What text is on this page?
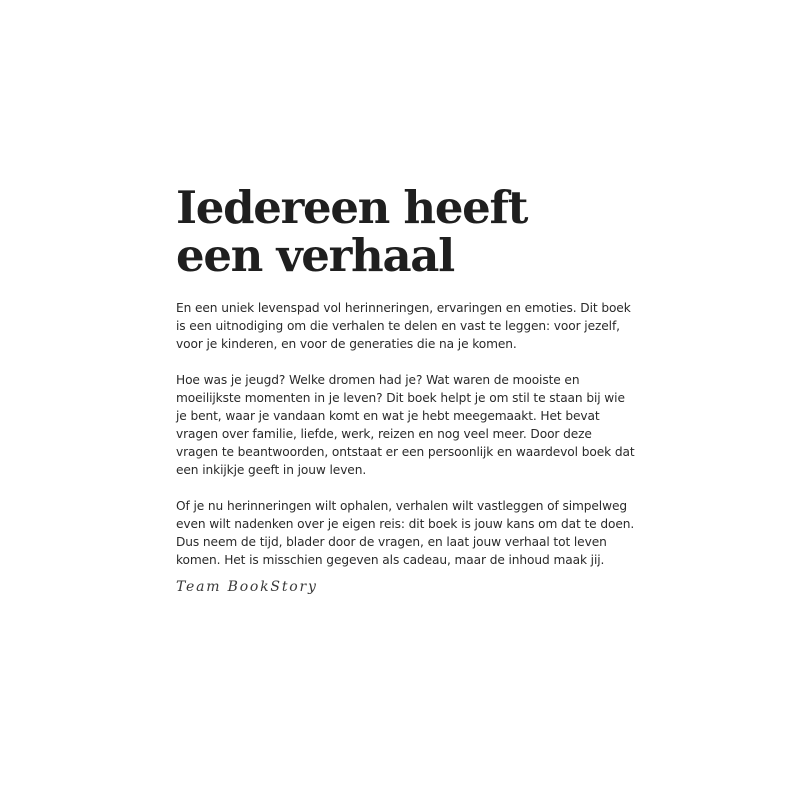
Iedereen heeft
een verhaal

En een uniek levenspad vol herinneringen, ervaringen en emoties. Dit boek is een uitnodiging om die verhalen te delen en vast te leggen: voor jezelf, voor je kinderen, en voor de generaties die na je komen.

Hoe was je jeugd? Welke dromen had je? Wat waren de mooiste en moeilijkste momenten in je leven? Dit boek helpt je om stil te staan bij wie je bent, waar je vandaan komt en wat je hebt meegemaakt. Het bevat vragen over familie, liefde, werk, reizen en nog veel meer. Door deze vragen te beantwoorden, ontstaat er een persoonlijk en waardevol boek dat een inkijkje geeft in jouw leven.

Of je nu herinneringen wilt ophalen, verhalen wilt vastleggen of simpelweg even wilt nadenken over je eigen reis: dit boek is jouw kans om dat te doen. Dus neem de tijd, blader door de vragen, en laat jouw verhaal tot leven komen. Het is misschien gegeven als cadeau, maar de inhoud maak jij.

Team BookStory
